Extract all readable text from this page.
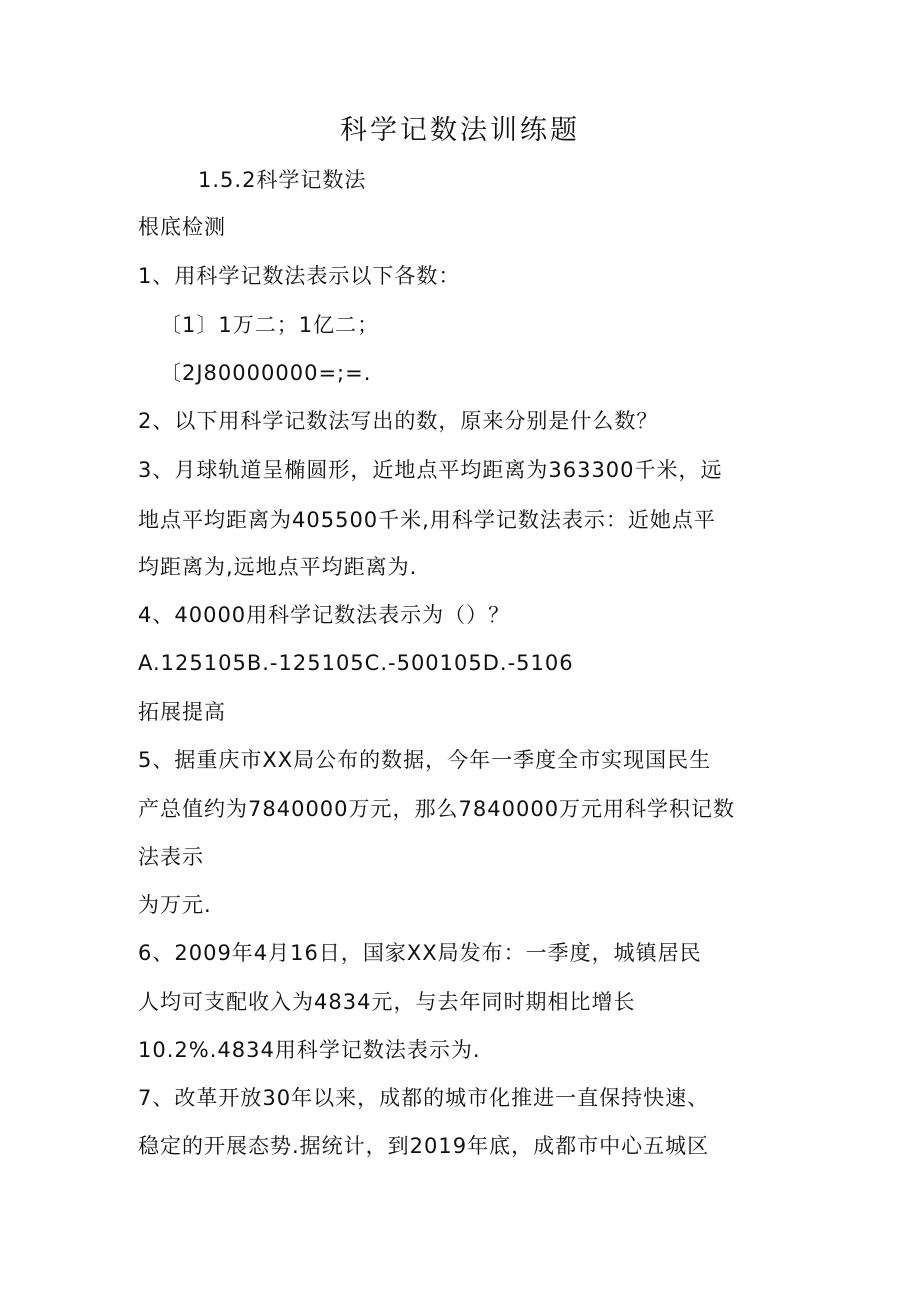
科学记数法训练题
1.5.2科学记数法
根底检测
1、用科学记数法表示以下各数：
〔1〕1万二；1亿二；
〔2J80000000=;=.
2、以下用科学记数法写出的数，原来分别是什么数？
3、月球轨道呈椭圆形，近地点平均距离为363300千米，远
地点平均距离为405500千米,用科学记数法表示：近她点平
均距离为,远地点平均距离为.
4、40000用科学记数法表示为（）？
A.125105B.-125105C.-500105D.-5106
拓展提高
5、据重庆市XX局公布的数据，今年一季度全市实现国民生
产总值约为7840000万元，那么7840000万元用科学积记数
法表示
为万元.
6、2009年4月16日，国家XX局发布：一季度，城镇居民
人均可支配收入为4834元，与去年同时期相比增长
10.2%.4834用科学记数法表示为.
7、改革开放30年以来，成都的城市化推进一直保持快速、
稳定的开展态势.据统计，到2019年底，成都市中心五城区
